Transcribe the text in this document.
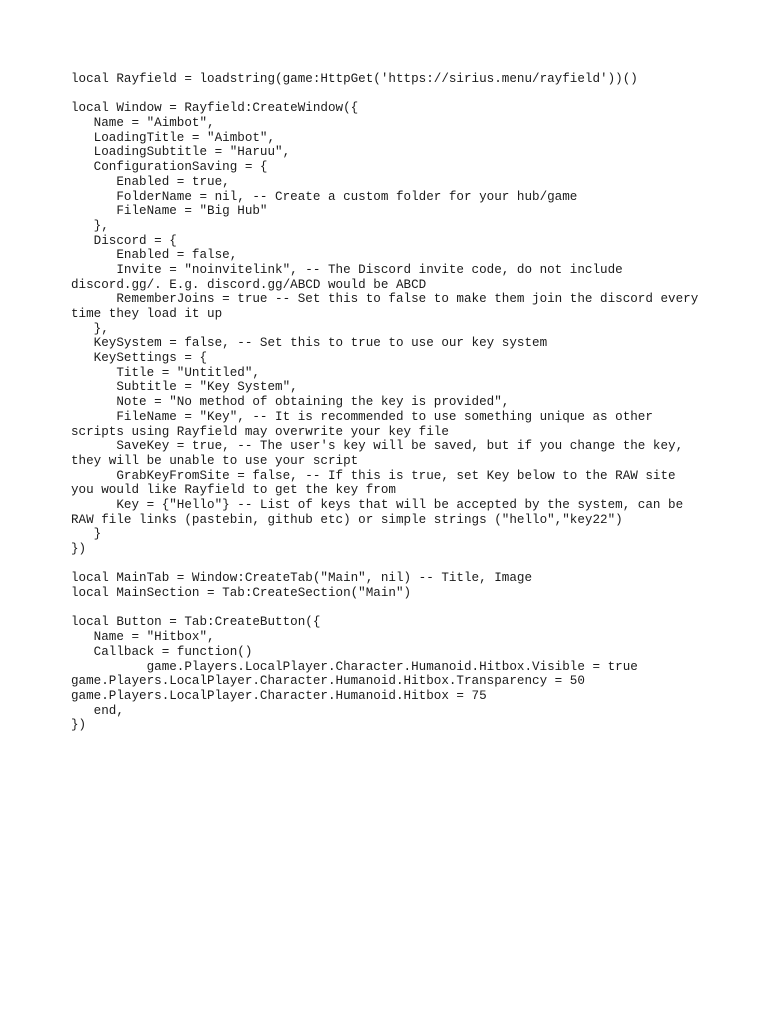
local Rayfield = loadstring(game:HttpGet('https://sirius.menu/rayfield'))()
local Window = Rayfield:CreateWindow({
Name = "Aimbot",
LoadingTitle = "Aimbot",
LoadingSubtitle = "Haruu",
ConfigurationSaving = {
Enabled = true,
FolderName = nil, -- Create a custom folder for your hub/game
FileName = "Big Hub"
},
Discord = {
Enabled = false,
Invite = "noinvitelink", -- The Discord invite code, do not include
discord.gg/. E.g. discord.gg/ABCD would be ABCD
RememberJoins = true -- Set this to false to make them join the discord every
time they load it up
},
KeySystem = false, -- Set this to true to use our key system
KeySettings = {
Title = "Untitled",
Subtitle = "Key System",
Note = "No method of obtaining the key is provided",
FileName = "Key", -- It is recommended to use something unique as other
scripts using Rayfield may overwrite your key file
SaveKey = true, -- The user's key will be saved, but if you change the key,
they will be unable to use your script
GrabKeyFromSite = false, -- If this is true, set Key below to the RAW site
you would like Rayfield to get the key from
Key = {"Hello"} -- List of keys that will be accepted by the system, can be
RAW file links (pastebin, github etc) or simple strings ("hello","key22")
}
})
local MainTab = Window:CreateTab("Main", nil) -- Title, Image
local MainSection = Tab:CreateSection("Main")
local Button = Tab:CreateButton({
Name = "Hitbox",
Callback = function()
game.Players.LocalPlayer.Character.Humanoid.Hitbox.Visible = true
game.Players.LocalPlayer.Character.Humanoid.Hitbox.Transparency = 50
game.Players.LocalPlayer.Character.Humanoid.Hitbox = 75
end,
})
